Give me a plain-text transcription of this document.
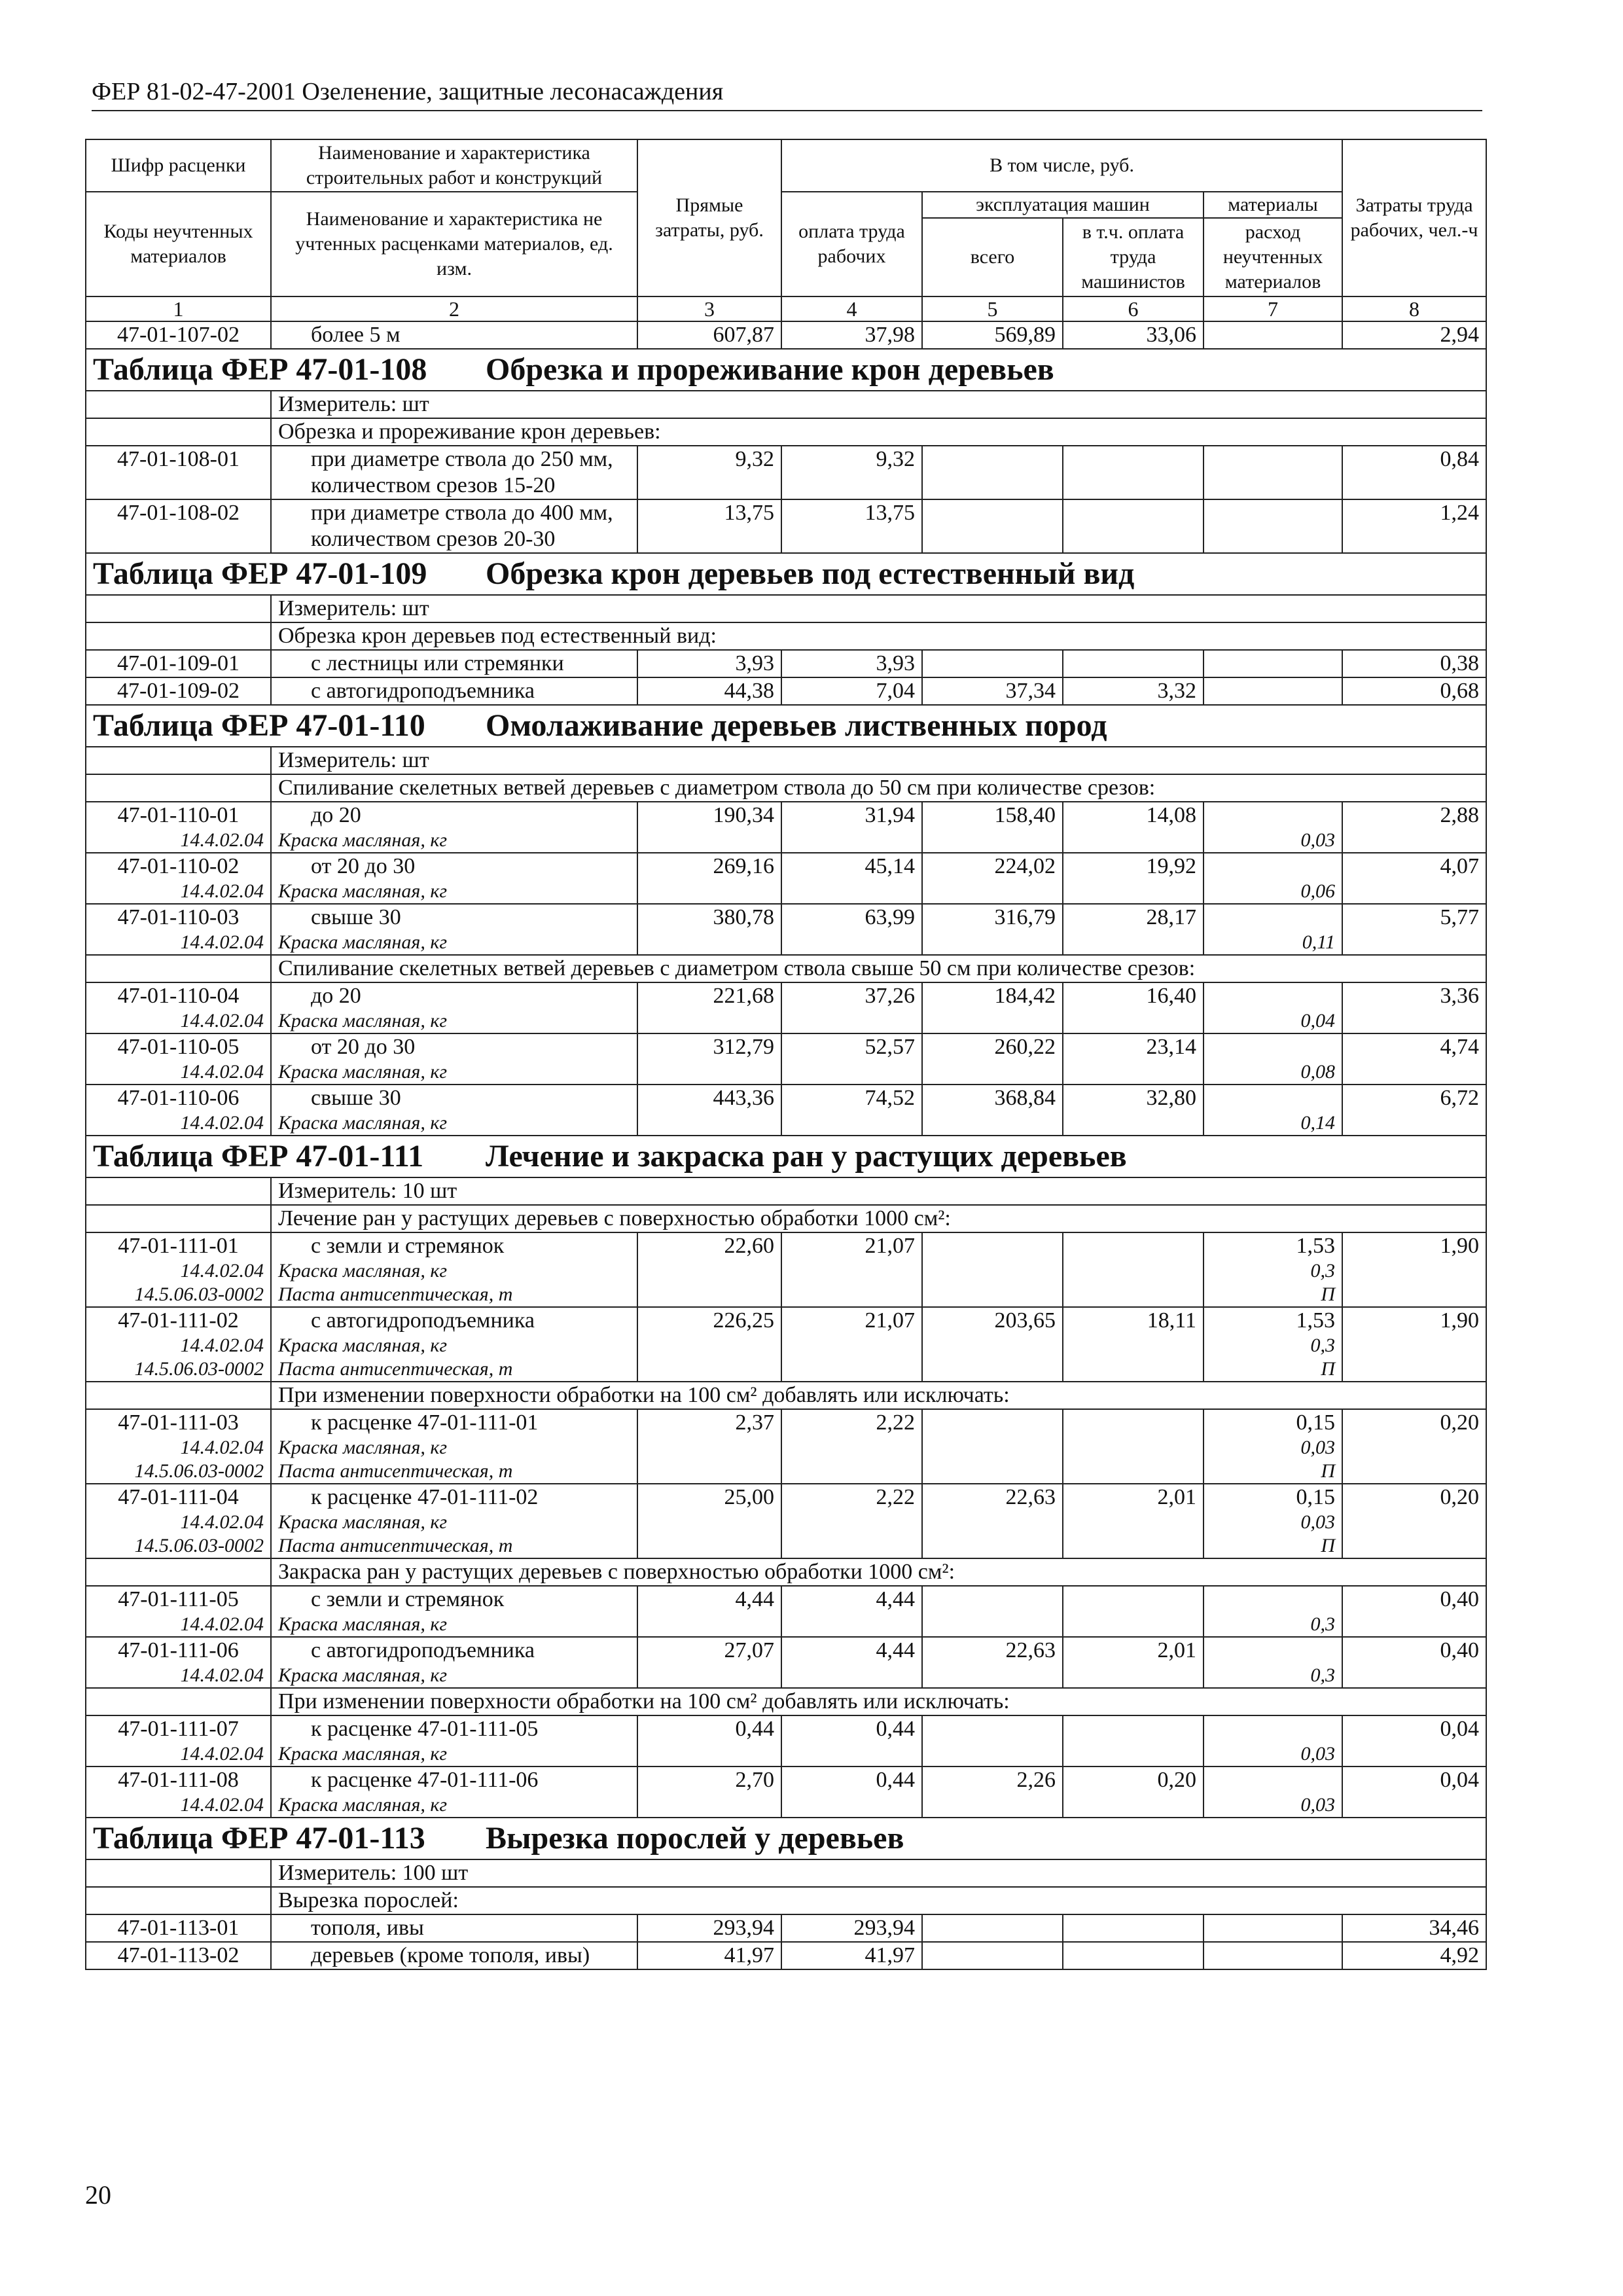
ФЕР 81-02-47-2001 Озеленение, защитные лесонасаждения
Шифр расценки	Наименование и характеристика строительных работ и конструкций	Прямые затраты, руб.	В том числе, руб.				Затраты труда рабочих, чел.-ч
Коды неучтенных материалов	Наименование и характеристика не учтенных расценками материалов, ед. изм.						
			оплата труда рабочих	эксплуатация машин		материалы	
				всего	в т.ч. оплата труда машинистов	расход неучтенных материалов	
1	2	3	4	5	6	7	8
47-01-107-02	более 5 м	607,87	37,98	569,89	33,06		2,94
Таблица ФЕР 47-01-108 Обрезка и прореживание крон деревьев							
	Измеритель: шт						
	Обрезка и прореживание крон деревьев:						
47-01-108-01	при диаметре ствола до 250 мм, количеством срезов 15-20	9,32	9,32				0,84
47-01-108-02	при диаметре ствола до 400 мм, количеством срезов 20-30	13,75	13,75				1,24
Таблица ФЕР 47-01-109 Обрезка крон деревьев под естественный вид							
	Измеритель: шт						
	Обрезка крон деревьев под естественный вид:						
47-01-109-01	с лестницы или стремянки	3,93	3,93				0,38
47-01-109-02	с автогидроподъемника	44,38	7,04	37,34	3,32		0,68
Таблица ФЕР 47-01-110 Омолаживание деревьев лиственных пород							
	Измеритель: шт						
	Спиливание скелетных ветвей деревьев с диаметром ствола до 50 см при количестве срезов:						
47-01-110-01	до 20	190,34	31,94	158,40	14,08		2,88
14.4.02.04	Краска масляная, кг					0,03	
47-01-110-02	от 20 до 30	269,16	45,14	224,02	19,92		4,07
14.4.02.04	Краска масляная, кг					0,06	
47-01-110-03	свыше 30	380,78	63,99	316,79	28,17		5,77
14.4.02.04	Краска масляная, кг					0,11	
	Спиливание скелетных ветвей деревьев с диаметром ствола свыше 50 см при количестве срезов:						
47-01-110-04	до 20	221,68	37,26	184,42	16,40		3,36
14.4.02.04	Краска масляная, кг					0,04	
47-01-110-05	от 20 до 30	312,79	52,57	260,22	23,14		4,74
14.4.02.04	Краска масляная, кг					0,08	
47-01-110-06	свыше 30	443,36	74,52	368,84	32,80		6,72
14.4.02.04	Краска масляная, кг					0,14	
Таблица ФЕР 47-01-111 Лечение и закраска ран у растущих деревьев							
	Измеритель: 10 шт						
	Лечение ран у растущих деревьев с поверхностью обработки 1000 см²:						
47-01-111-01	с земли и стремянок	22,60	21,07			1,53	1,90
14.4.02.04	Краска масляная, кг					0,3	
14.5.06.03-0002	Паста антисептическая, т					П	
47-01-111-02	с автогидроподъемника	226,25	21,07	203,65	18,11	1,53	1,90
14.4.02.04	Краска масляная, кг					0,3	
14.5.06.03-0002	Паста антисептическая, т					П	
	При изменении поверхности обработки на 100 см² добавлять или исключать:						
47-01-111-03	к расценке 47-01-111-01	2,37	2,22			0,15	0,20
14.4.02.04	Краска масляная, кг					0,03	
14.5.06.03-0002	Паста антисептическая, т					П	
47-01-111-04	к расценке 47-01-111-02	25,00	2,22	22,63	2,01	0,15	0,20
14.4.02.04	Краска масляная, кг					0,03	
14.5.06.03-0002	Паста антисептическая, т					П	
	Закраска ран у растущих деревьев с поверхностью обработки 1000 см²:						
47-01-111-05	с земли и стремянок	4,44	4,44				0,40
14.4.02.04	Краска масляная, кг					0,3	
47-01-111-06	с автогидроподъемника	27,07	4,44	22,63	2,01		0,40
14.4.02.04	Краска масляная, кг					0,3	
	При изменении поверхности обработки на 100 см² добавлять или исключать:						
47-01-111-07	к расценке 47-01-111-05	0,44	0,44				0,04
14.4.02.04	Краска масляная, кг					0,03	
47-01-111-08	к расценке 47-01-111-06	2,70	0,44	2,26	0,20		0,04
14.4.02.04	Краска масляная, кг					0,03	
Таблица ФЕР 47-01-113 Вырезка порослей у деревьев							
	Измеритель: 100 шт						
	Вырезка порослей:						
47-01-113-01	тополя, ивы	293,94	293,94				34,46
47-01-113-02	деревьев (кроме тополя, ивы)	41,97	41,97				4,92
20
